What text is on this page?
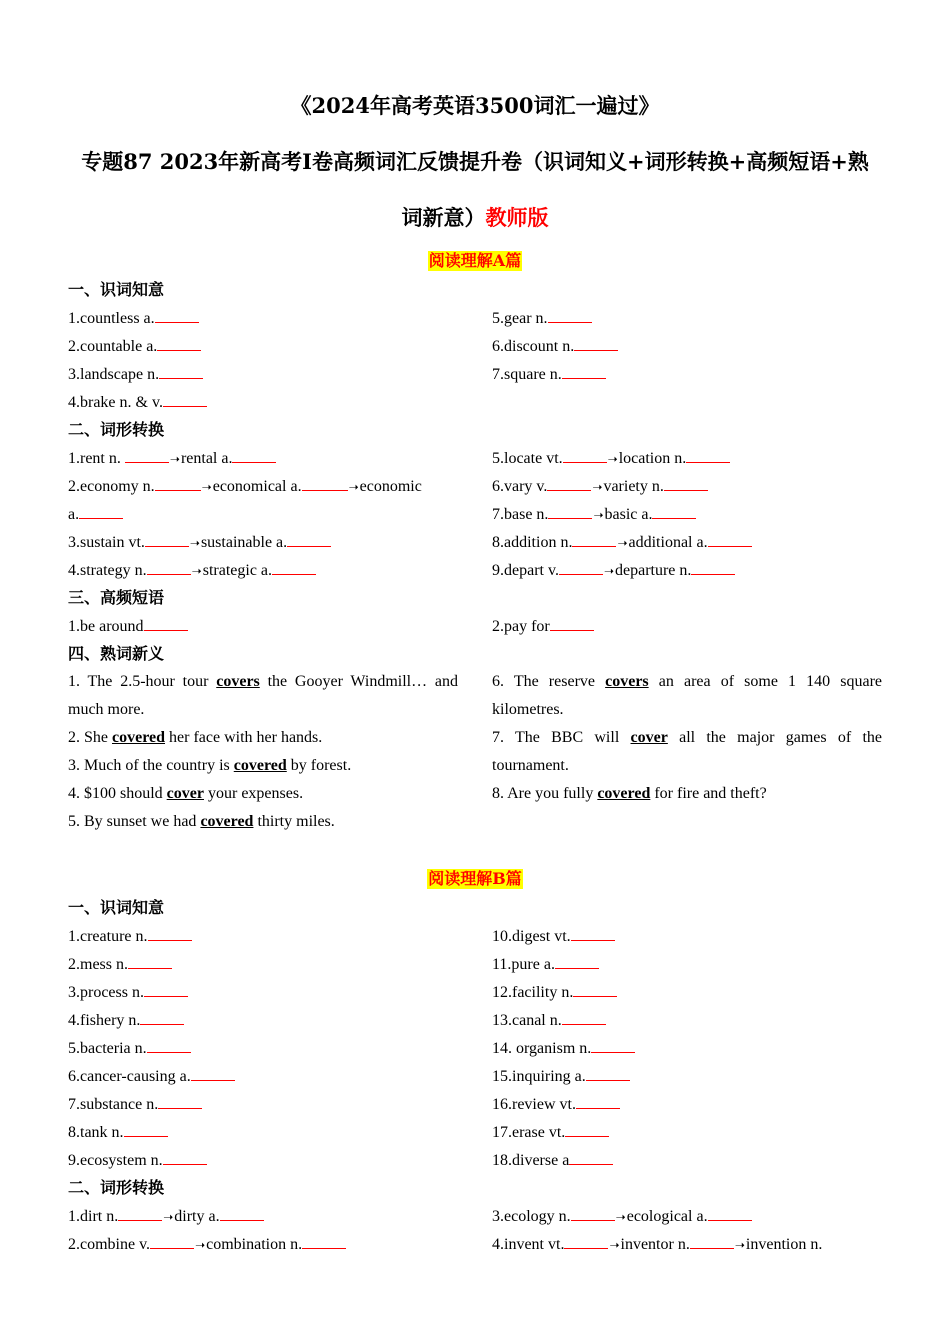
《2024年高考英语3500词汇一遍过》
专题87 2023年新高考I卷高频词汇反馈提升卷（识词知义+词形转换+高频短语+熟
词新意）教师版
阅读理解A篇
一、识词知意
1.countless a.
2.countable a.
3.landscape n.
4.brake n. & v.
5.gear n.
6.discount n.
7.square n.
二、词形转换
1.rent n.	➝rental a.
2.economy n.	➝economical a.	➝economic
a.
3.sustain vt.	➝sustainable a.
4.strategy n.	➝strategic a.
5.locate vt.	➝location n.
6.vary v.	➝variety n.
7.base n.	➝basic a.
8.addition n.	➝additional a.
9.depart v.	➝departure n.
三、高频短语
1.be around	2.pay for
四、熟词新义
1. The 2.5-hour tour covers the Gooyer Windmill… and much more.
2. She covered her face with her hands.
3. Much of the country is covered by forest.
4. $100 should cover your expenses.
5. By sunset we had covered thirty miles.
6. The reserve covers an area of some 1 140 square kilometres.
7. The BBC will cover all the major games of the tournament.
8. Are you fully covered for fire and theft?
阅读理解B篇
一、识词知意
1.creature n.
2.mess n.
3.process n.
4.fishery n.
5.bacteria n.
6.cancer-causing a.
7.substance n.
8.tank n.
9.ecosystem n.
10.digest vt.
11.pure a.
12.facility n.
13.canal n.
14. organism n.
15.inquiring a.
16.review vt.
17.erase vt.
18.diverse a
二、词形转换
1.dirt n.	➝dirty a.
2.combine v.	➝combination n.
3.ecology n.	➝ecological a.
4.invent vt.	➝inventor n.	➝invention n.
